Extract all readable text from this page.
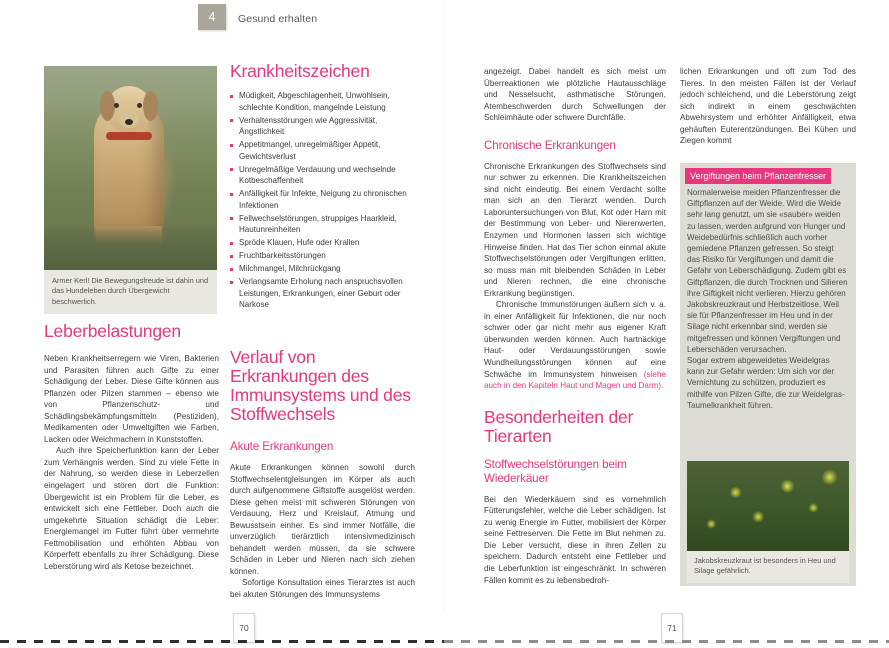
4	Gesund erhalten

Armer Kerl! Die Bewegungsfreude ist dahin und das Hundeleben durch Übergewicht beschwerlich.

Leberbelastungen

Neben Krankheitserregern wie Viren, Bakterien und Parasiten führen auch Gifte zu einer Schädigung der Leber. Diese Gifte können aus Pflanzen oder Pilzen stammen – ebenso wie von Pflanzenschutz- und Schädlingsbekämpfungsmitteln (Pestiziden), Medikamenten oder Umweltgiften wie Farben, Lacken oder Weichmachern in Kunststoffen.

Auch ihre Speicherfunktion kann der Leber zum Verhängnis werden. Sind zu viele Fette in der Nahrung, so werden diese in Leberzellen eingelagert und stören dort die Funktion: Übergewicht ist ein Problem für die Leber, es entwickelt sich eine Fettleber. Doch auch die umgekehrte Situation schädigt die Leber: Energiemangel im Futter führt über vermehrte Fettmobilisation und erhöhten Abbau von Körperfett ebenfalls zu ihrer Schädigung. Diese Leberstörung wird als Ketose bezeichnet.

Krankheitszeichen
Müdigkeit, Abgeschlagenheit, Unwohlsein, schlechte Kondition, mangelnde Leistung
Verhaltensstörungen wie Aggressivität, Ängstlichkeit
Appetitmangel, unregelmäßiger Appetit, Gewichtsverlust
Unregelmäßige Verdauung und wechselnde Kotbeschaffenheit
Anfälligkeit für Infekte, Neigung zu chronischen Infektionen
Fellwechselstörungen, struppiges Haarkleid, Hautunreinheiten
Spröde Klauen, Hufe oder Krallen
Fruchtbarkeitsstörungen
Milchmangel, Milchrückgang
Verlangsamte Erholung nach anspruchsvollen Leistungen, Erkrankungen, einer Geburt oder Narkose
Verlauf von Erkrankungen des Immunsystems und des Stoffwechsels
Akute Erkrankungen

Akute Erkrankungen können sowohl durch Stoffwechselentgleisungen im Körper als auch durch aufgenommene Giftstoffe ausgelöst werden. Diese gehen meist mit schweren Störungen von Verdauung, Herz und Kreislauf, Atmung und Bewusstsein einher. Es sind immer Notfälle, die unverzüglich tierärztlich intensivmedizinisch behandelt werden müssen, da sie schwere Schäden in Leber und Nieren nach sich ziehen können.

Sofortige Konsultation eines Tierarztes ist auch bei akuten Störungen des Immunsystems

angezeigt. Dabei handelt es sich meist um Überreaktionen wie plötzliche Hautausschläge und Nesselsucht, asthmatische Störungen, Atembeschwerden durch Schwellungen der Schleimhäute oder schwere Durchfälle.

Chronische Erkrankungen

Chronische Erkrankungen des Stoffwechsels sind nur schwer zu erkennen. Die Krankheitszeichen sind nicht eindeutig. Bei einem Verdacht sollte man sich an den Tierarzt wenden. Durch Laboruntersuchungen von Blut, Kot oder Harn mit der Bestimmung von Leber- und Nierenwerten, Enzymen und Hormonen lassen sich wichtige Hinweise finden. Hat das Tier schon einmal akute Stoffwechselstörungen oder Vergiftungen erlitten, so muss man mit bleibenden Schäden in Leber und Nieren rechnen, die eine chronische Erkrankung begünstigen.

Chronische Immunstörungen äußern sich v. a. in einer Anfälligkeit für Infektionen, die nur noch schwer oder gar nicht mehr aus eigener Kraft überwunden werden können. Auch hartnäckige Haut- oder Verdauungsstörungen sowie Wundheilungsstörungen können auf eine Schwäche im Immunsystem hinweisen (siehe auch in den Kapiteln Haut und Magen und Darm).

Besonderheiten der Tierarten
Stoffwechselstörungen beim Wiederkäuer

Bei den Wiederkäuern sind es vornehmlich Fütterungsfehler, welche die Leber schädigen. Ist zu wenig Energie im Futter, mobilisiert der Körper seine Fettreserven. Die Fette im Blut nehmen zu. Die Leber versucht, diese in ihren Zellen zu speichern. Dadurch entsteht eine Fettleber und die Leberfunktion ist eingeschränkt. In schweren Fällen kommt es zu lebensbedroh-

lichen Erkrankungen und oft zum Tod des Tieres. In den meisten Fällen ist der Verlauf jedoch schleichend, und die Leberstörung zeigt sich indirekt in einem geschwächten Abwehrsystem und erhöhter Anfälligkeit, etwa gehäuften Euterentzündungen. Bei Kühen und Ziegen kommt

Vergiftungen beim Pflanzenfresser

Normalerweise meiden Pflanzenfresser die Giftpflanzen auf der Weide. Wird die Weide sehr lang genutzt, um sie «sauber» weiden zu lassen, werden aufgrund von Hunger und Weidebedürfnis schließlich auch vorher gemiedene Pflanzen gefressen. So steigt das Risiko für Vergiftungen und damit die Gefahr von Leberschädigung. Zudem gibt es Giftpflanzen, die durch Trocknen und Silieren ihre Giftigkeit nicht verlieren. Hierzu gehören Jakobskreuzkraut und Herbstzeitlose. Weil sie für Pflanzenfresser im Heu und in der Silage nicht erkennbar sind, werden sie mitgefressen und können Vergiftungen und Leberschäden verursachen.

Sogar extrem abgeweidetes Weidelgras kann zur Gefahr werden: Um sich vor der Vernichtung zu schützen, produziert es mithilfe von Pilzen Gifte, die zur Weidelgras-Taumelkrankheit führen.

Jakobskreuzkraut ist besonders in Heu und Silage gefährlich.

70	71
